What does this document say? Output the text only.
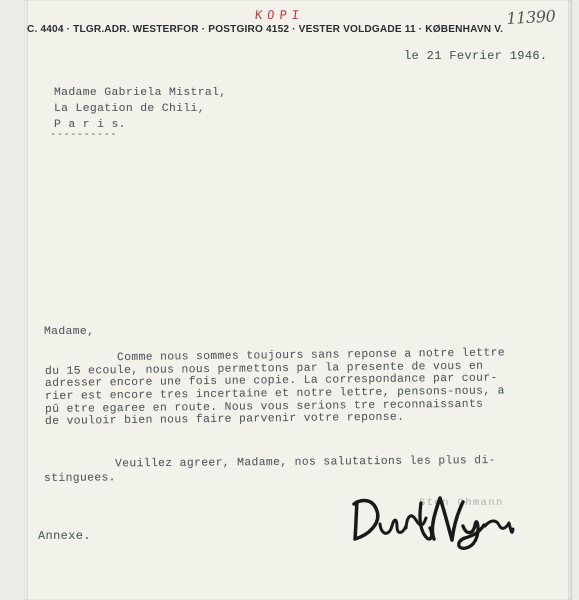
KOPI	11390
C. 4404 · TLGR.ADR. WESTERFOR · POSTGIRO 4152 · VESTER VOLDGADE 11 · KØBENHAVN V.
le 21 Fevrier 1946.
Madame Gabriela Mistral,
La Legation de Chili,
P a r i s.
----------
Madame,
Comme nous sommes toujours sans reponse a notre lettre
du 15 ecoule, nous nous permettons par la presente de vous en
adresser encore une fois une copie. La correspondance par cour-
rier est encore tres incertaine et notre lettre, pensons-nous, a
pû etre egaree en route. Nous vous serions tre reconnaissants
de vouloir bien nous faire parvenir votre reponse.
Veuillez agreer, Madame, nos salutations les plus di-
stinguees.
Sten Ohmann
Annexe.
